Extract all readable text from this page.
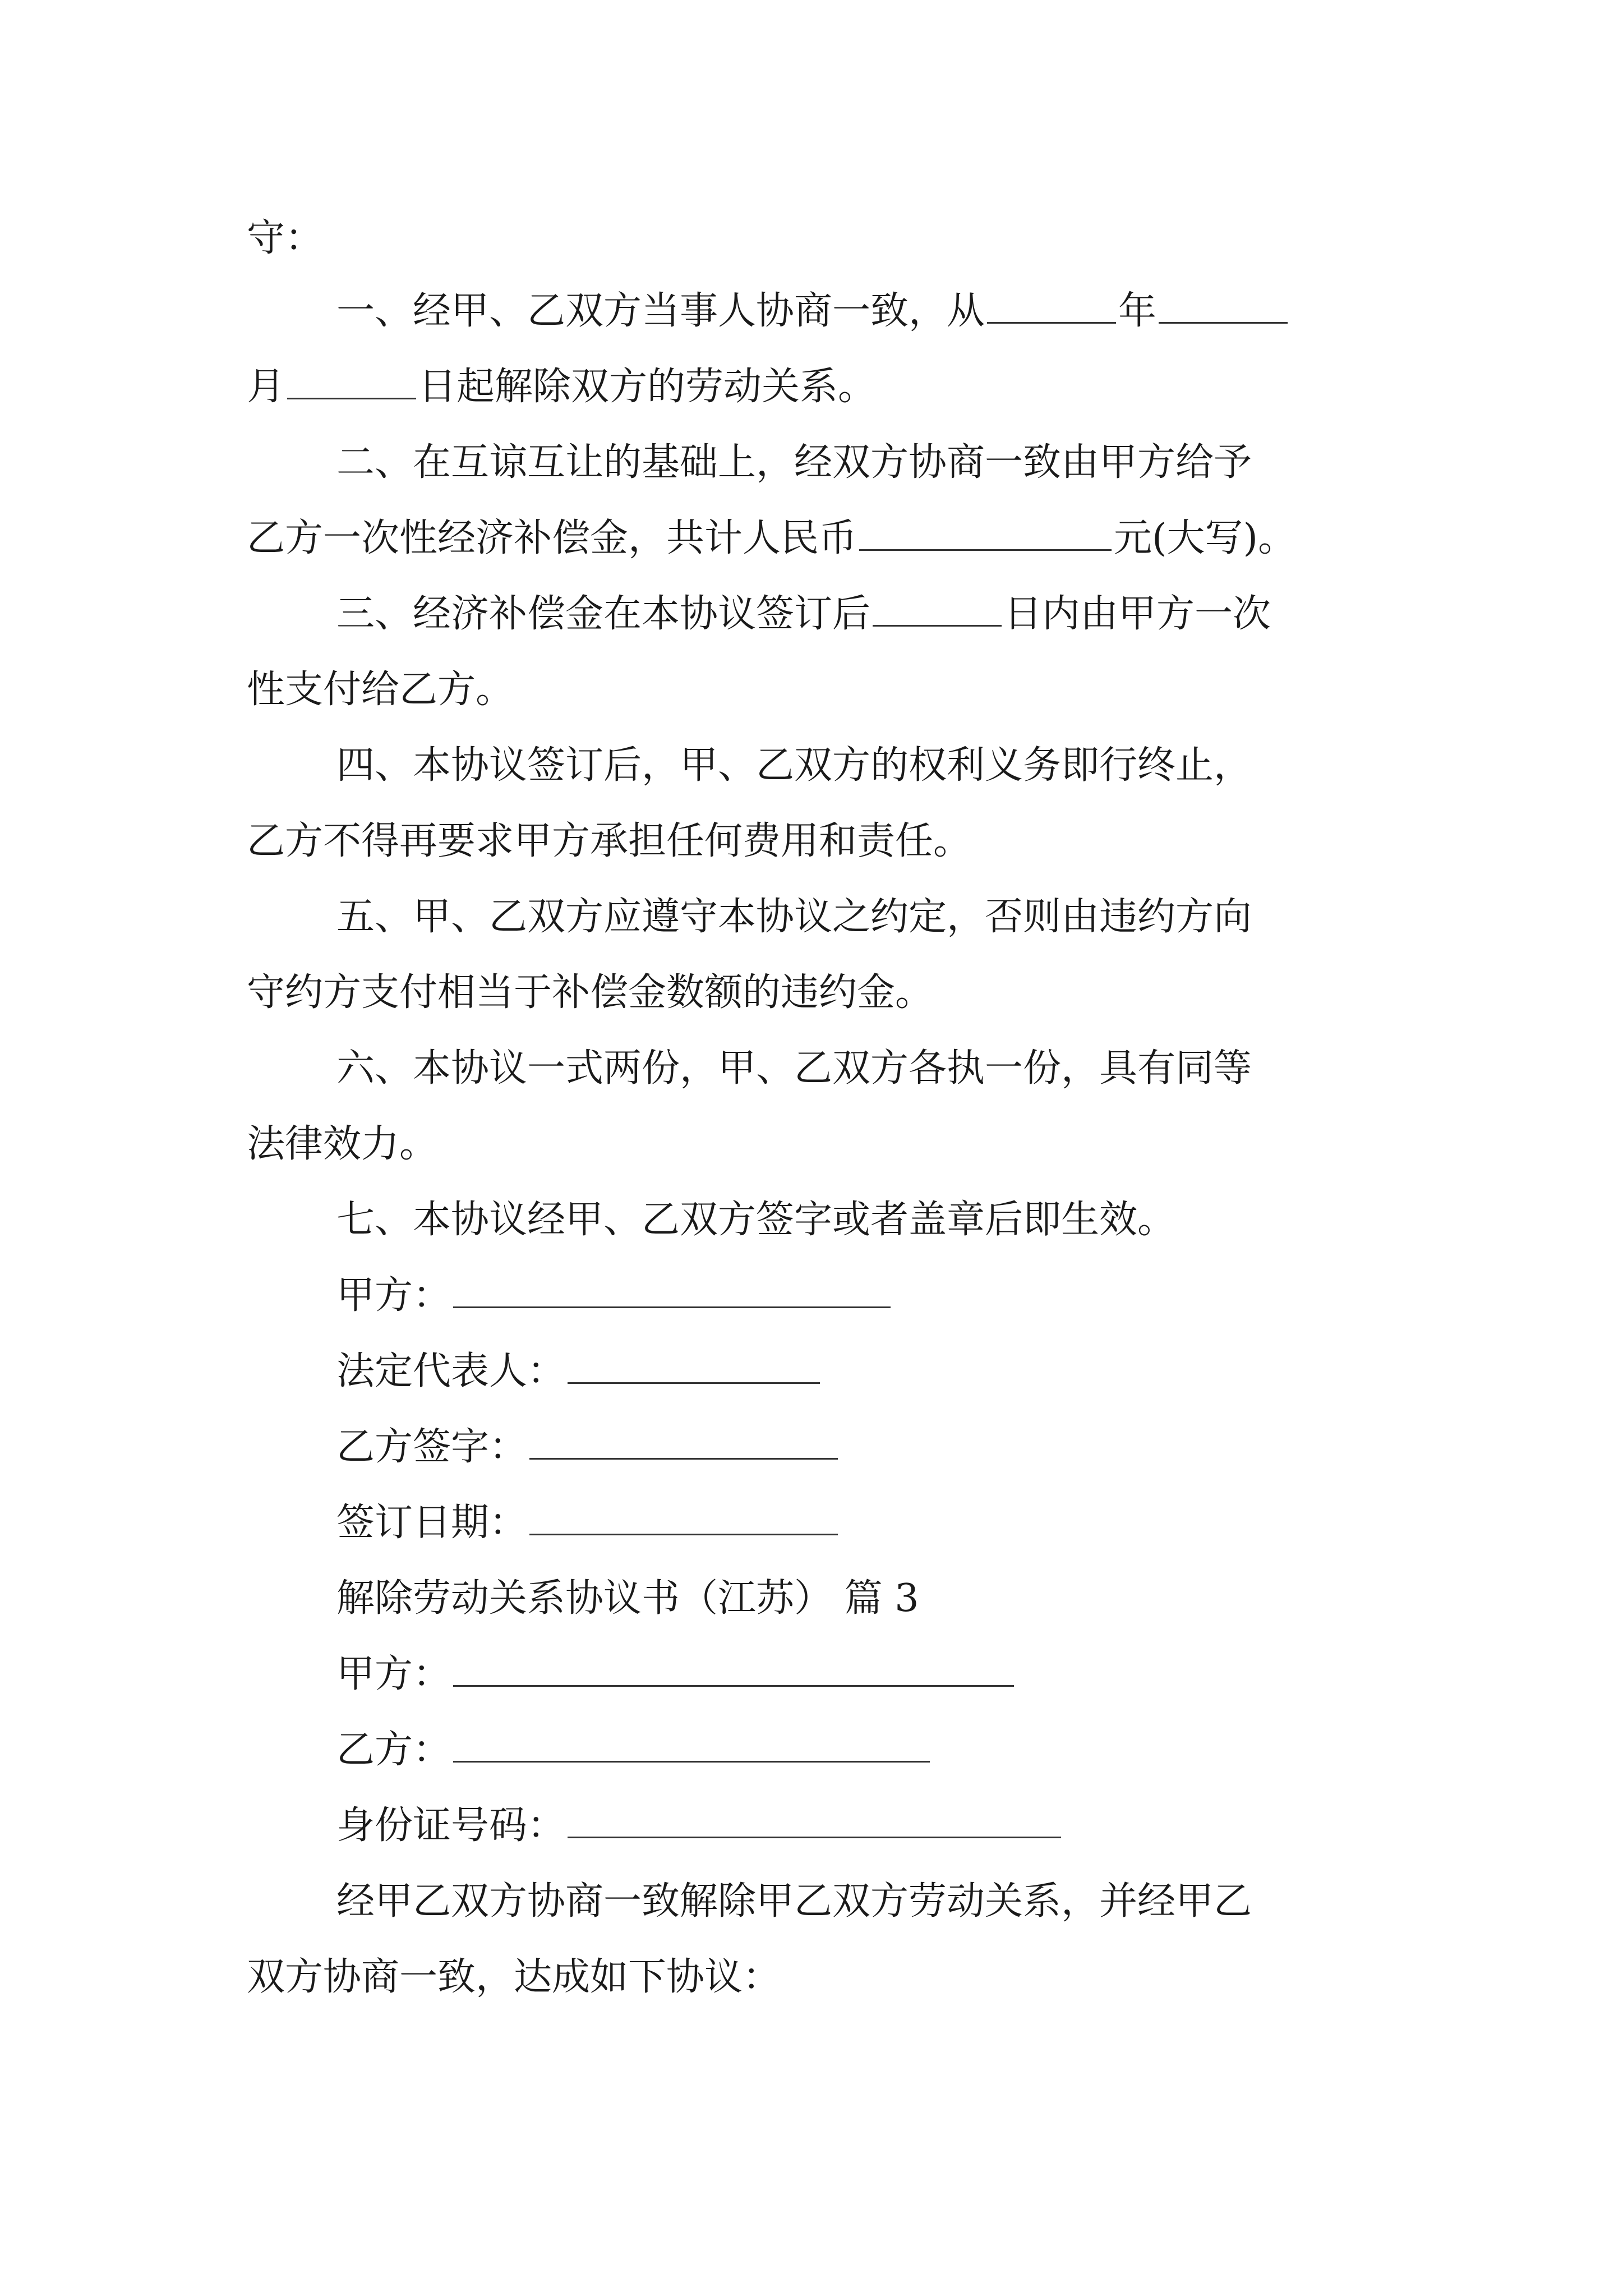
守：
一、经甲、乙双方当事人协商一致，从	年
月	日起解除双方的劳动关系。
二、在互谅互让的基础上，经双方协商一致由甲方给予
乙方一次性经济补偿金，共计人民币	元(大写)。
三、经济补偿金在本协议签订后	日内由甲方一次
性支付给乙方。
四、本协议签订后，甲、乙双方的权利义务即行终止，
乙方不得再要求甲方承担任何费用和责任。
五、甲、乙双方应遵守本协议之约定，否则由违约方向
守约方支付相当于补偿金数额的违约金。
六、本协议一式两份，甲、乙双方各执一份，具有同等
法律效力。
七、本协议经甲、乙双方签字或者盖章后即生效。
甲方：
法定代表人：
乙方签字：
签订日期：
解除劳动关系协议书（江苏） 篇 3
甲方：
乙方：
身份证号码：
经甲乙双方协商一致解除甲乙双方劳动关系，并经甲乙
双方协商一致，达成如下协议：
